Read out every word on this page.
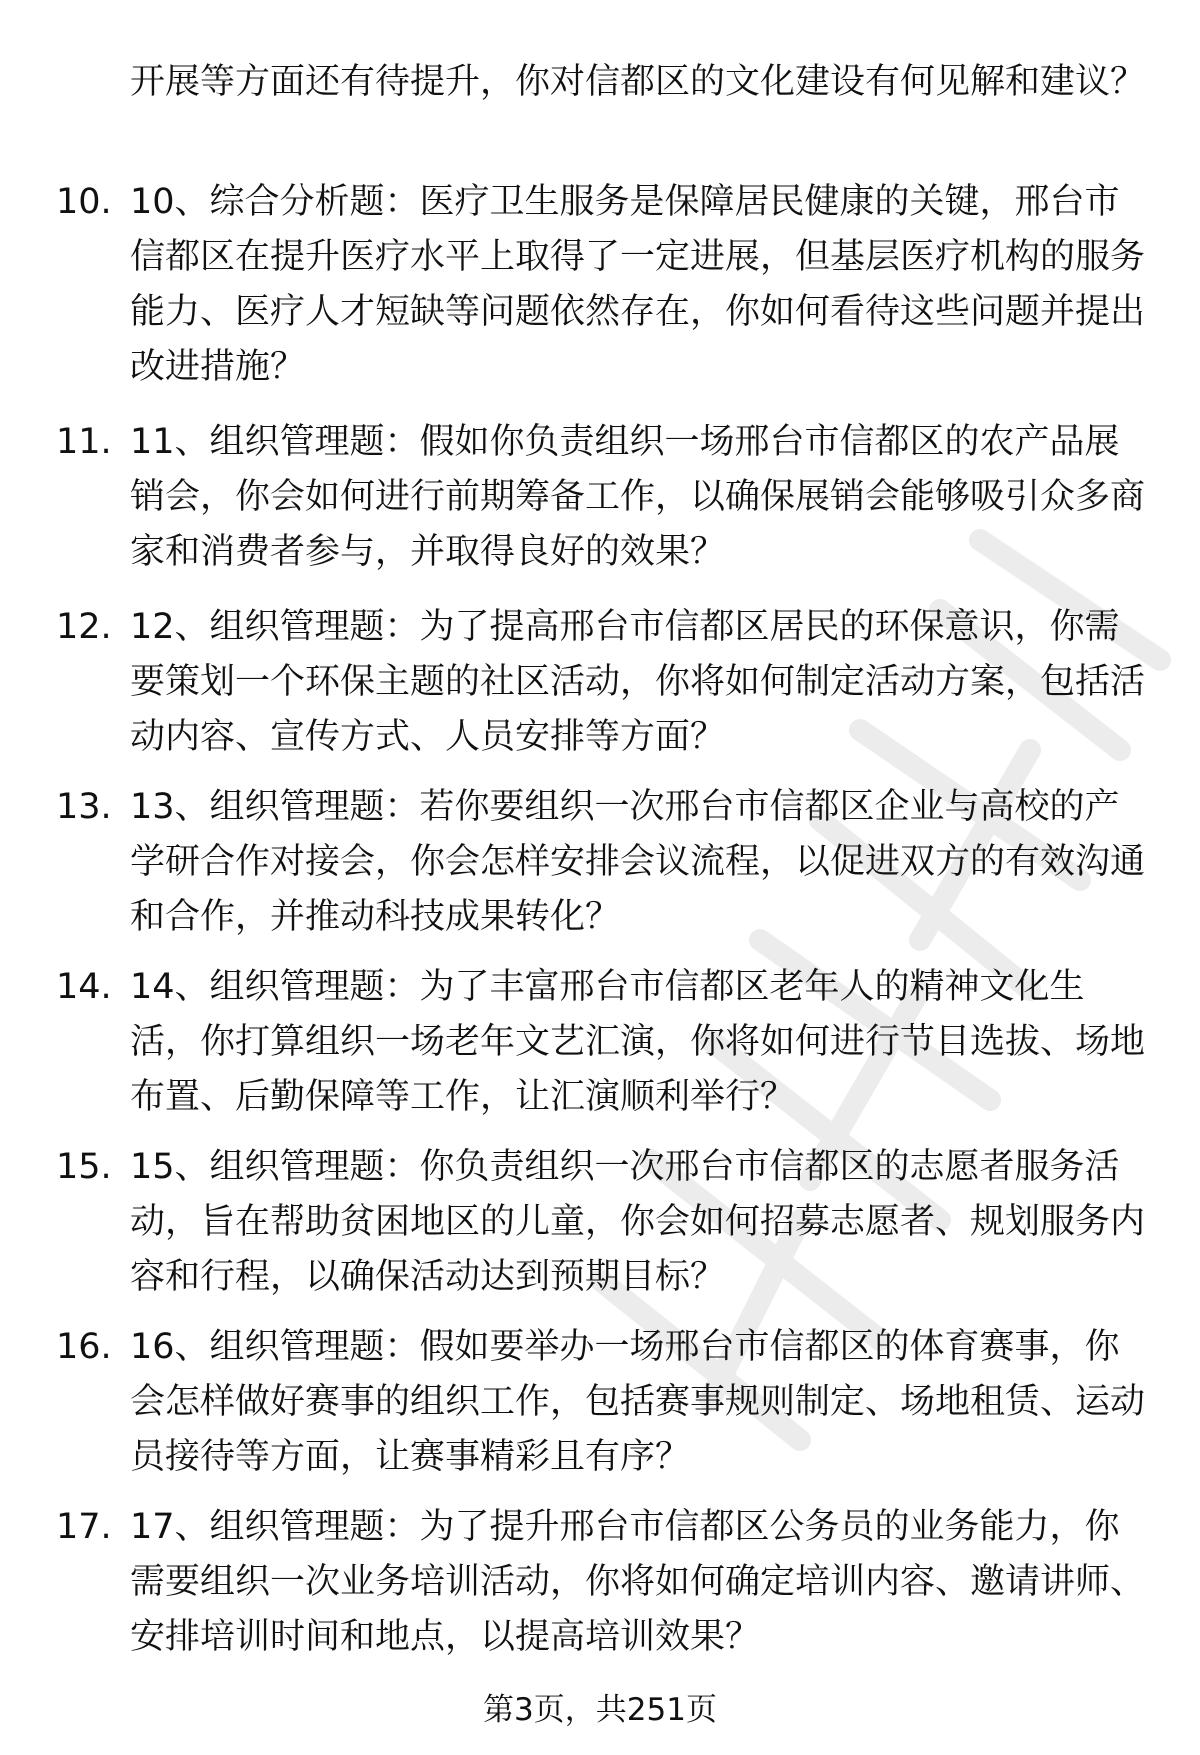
开展等方面还有待提升，你对信都区的文化建设有何见解和建议？
10. 10、综合分析题：医疗卫生服务是保障居民健康的关键，邢台市信都区在提升医疗水平上取得了一定进展，但基层医疗机构的服务能力、医疗人才短缺等问题依然存在，你如何看待这些问题并提出改进措施？
11. 11、组织管理题：假如你负责组织一场邢台市信都区的农产品展销会，你会如何进行前期筹备工作，以确保展销会能够吸引众多商家和消费者参与，并取得良好的效果？
12. 12、组织管理题：为了提高邢台市信都区居民的环保意识，你需要策划一个环保主题的社区活动，你将如何制定活动方案，包括活动内容、宣传方式、人员安排等方面？
13. 13、组织管理题：若你要组织一次邢台市信都区企业与高校的产学研合作对接会，你会怎样安排会议流程，以促进双方的有效沟通和合作，并推动科技成果转化？
14. 14、组织管理题：为了丰富邢台市信都区老年人的精神文化生活，你打算组织一场老年文艺汇演，你将如何进行节目选拔、场地布置、后勤保障等工作，让汇演顺利举行？
15. 15、组织管理题：你负责组织一次邢台市信都区的志愿者服务活动，旨在帮助贫困地区的儿童，你会如何招募志愿者、规划服务内容和行程，以确保活动达到预期目标？
16. 16、组织管理题：假如要举办一场邢台市信都区的体育赛事，你会怎样做好赛事的组织工作，包括赛事规则制定、场地租赁、运动员接待等方面，让赛事精彩且有序？
17. 17、组织管理题：为了提升邢台市信都区公务员的业务能力，你需要组织一次业务培训活动，你将如何确定培训内容、邀请讲师、安排培训时间和地点，以提高培训效果？
第3页，共251页
